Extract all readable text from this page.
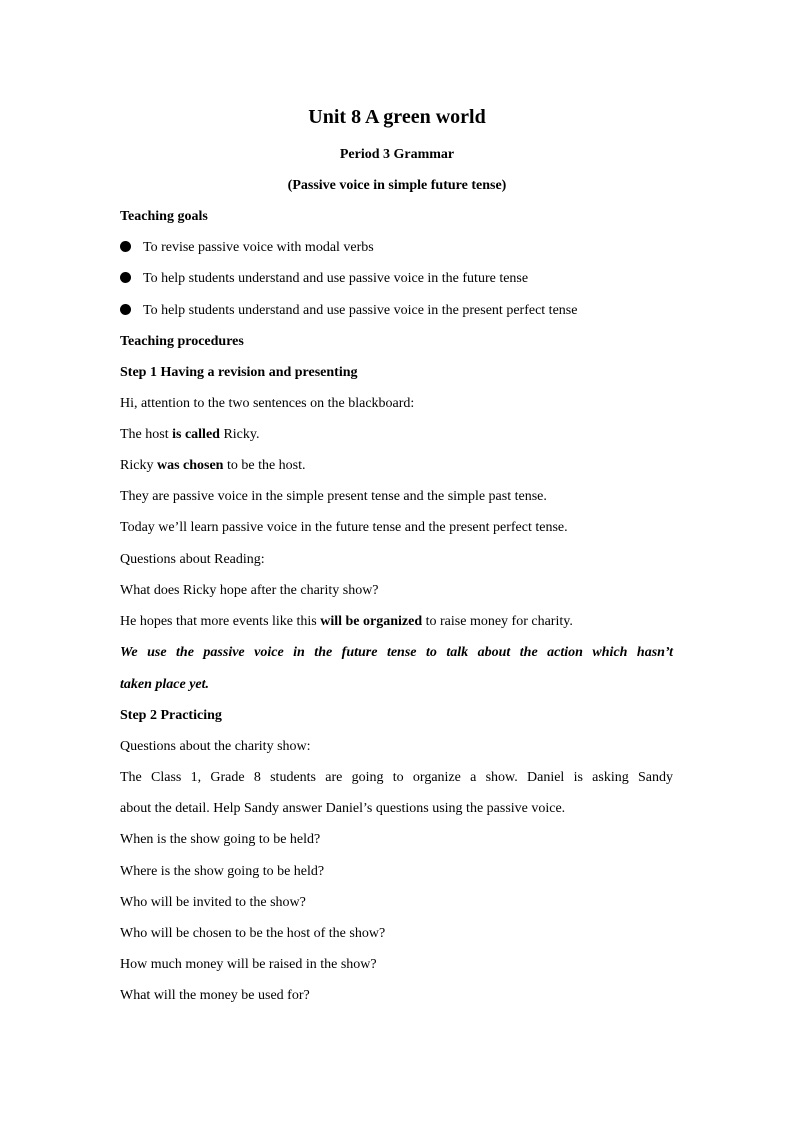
Unit 8 A green world
Period 3 Grammar
(Passive voice in simple future tense)
Teaching goals
To revise passive voice with modal verbs
To help students understand and use passive voice in the future tense
To help students understand and use passive voice in the present perfect tense
Teaching procedures
Step 1 Having a revision and presenting
Hi, attention to the two sentences on the blackboard:
The host is called Ricky.
Ricky was chosen to be the host.
They are passive voice in the simple present tense and the simple past tense.
Today we’ll learn passive voice in the future tense and the present perfect tense.
Questions about Reading:
What does Ricky hope after the charity show?
He hopes that more events like this will be organized to raise money for charity.
We use the passive voice in the future tense to talk about the action which hasn’t
taken place yet.
Step 2 Practicing
Questions about the charity show:
The Class 1, Grade 8 students are going to organize a show. Daniel is asking Sandy
about the detail. Help Sandy answer Daniel’s questions using the passive voice.
When is the show going to be held?
Where is the show going to be held?
Who will be invited to the show?
Who will be chosen to be the host of the show?
How much money will be raised in the show?
What will the money be used for?
